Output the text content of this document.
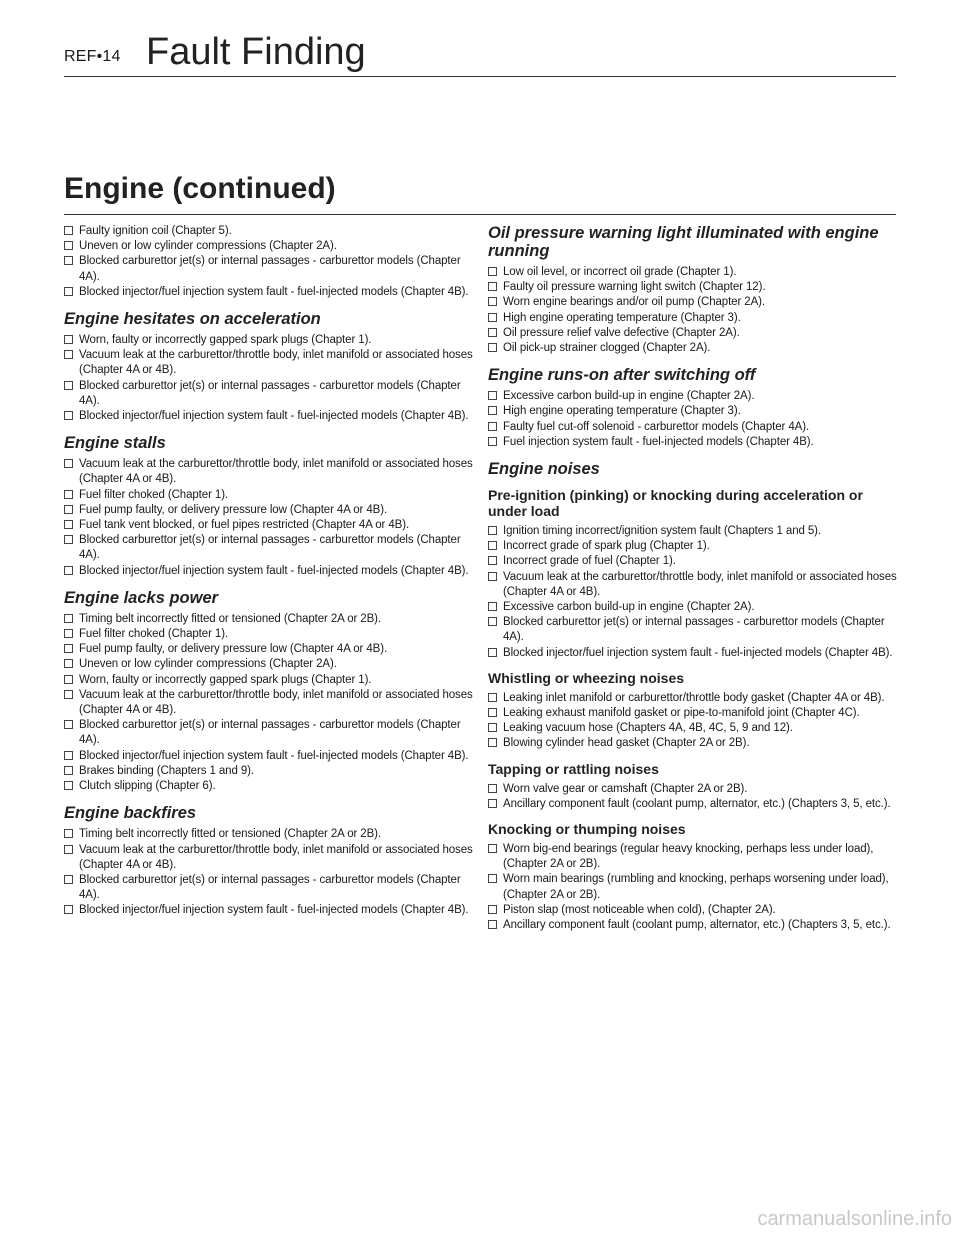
REF•14 Fault Finding
Engine (continued)
Faulty ignition coil (Chapter 5).
Uneven or low cylinder compressions (Chapter 2A).
Blocked carburettor jet(s) or internal passages - carburettor models (Chapter 4A).
Blocked injector/fuel injection system fault - fuel-injected models (Chapter 4B).
Engine hesitates on acceleration
Worn, faulty or incorrectly gapped spark plugs (Chapter 1).
Vacuum leak at the carburettor/throttle body, inlet manifold or associated hoses (Chapter 4A or 4B).
Blocked carburettor jet(s) or internal passages - carburettor models (Chapter 4A).
Blocked injector/fuel injection system fault - fuel-injected models (Chapter 4B).
Engine stalls
Vacuum leak at the carburettor/throttle body, inlet manifold or associated hoses (Chapter 4A or 4B).
Fuel filter choked (Chapter 1).
Fuel pump faulty, or delivery pressure low (Chapter 4A or 4B).
Fuel tank vent blocked, or fuel pipes restricted (Chapter 4A or 4B).
Blocked carburettor jet(s) or internal passages - carburettor models (Chapter 4A).
Blocked injector/fuel injection system fault - fuel-injected models (Chapter 4B).
Engine lacks power
Timing belt incorrectly fitted or tensioned (Chapter 2A or 2B).
Fuel filter choked (Chapter 1).
Fuel pump faulty, or delivery pressure low (Chapter 4A or 4B).
Uneven or low cylinder compressions (Chapter 2A).
Worn, faulty or incorrectly gapped spark plugs (Chapter 1).
Vacuum leak at the carburettor/throttle body, inlet manifold or associated hoses (Chapter 4A or 4B).
Blocked carburettor jet(s) or internal passages - carburettor models (Chapter 4A).
Blocked injector/fuel injection system fault - fuel-injected models (Chapter 4B).
Brakes binding (Chapters 1 and 9).
Clutch slipping (Chapter 6).
Engine backfires
Timing belt incorrectly fitted or tensioned (Chapter 2A or 2B).
Vacuum leak at the carburettor/throttle body, inlet manifold or associated hoses (Chapter 4A or 4B).
Blocked carburettor jet(s) or internal passages - carburettor models (Chapter 4A).
Blocked injector/fuel injection system fault - fuel-injected models (Chapter 4B).
Oil pressure warning light illuminated with engine running
Low oil level, or incorrect oil grade (Chapter 1).
Faulty oil pressure warning light switch (Chapter 12).
Worn engine bearings and/or oil pump (Chapter 2A).
High engine operating temperature (Chapter 3).
Oil pressure relief valve defective (Chapter 2A).
Oil pick-up strainer clogged (Chapter 2A).
Engine runs-on after switching off
Excessive carbon build-up in engine (Chapter 2A).
High engine operating temperature (Chapter 3).
Faulty fuel cut-off solenoid - carburettor models (Chapter 4A).
Fuel injection system fault - fuel-injected models (Chapter 4B).
Engine noises
Pre-ignition (pinking) or knocking during acceleration or under load
Ignition timing incorrect/ignition system fault (Chapters 1 and 5).
Incorrect grade of spark plug (Chapter 1).
Incorrect grade of fuel (Chapter 1).
Vacuum leak at the carburettor/throttle body, inlet manifold or associated hoses (Chapter 4A or 4B).
Excessive carbon build-up in engine (Chapter 2A).
Blocked carburettor jet(s) or internal passages - carburettor models (Chapter 4A).
Blocked injector/fuel injection system fault - fuel-injected models (Chapter 4B).
Whistling or wheezing noises
Leaking inlet manifold or carburettor/throttle body gasket (Chapter 4A or 4B).
Leaking exhaust manifold gasket or pipe-to-manifold joint (Chapter 4C).
Leaking vacuum hose (Chapters 4A, 4B, 4C, 5, 9 and 12).
Blowing cylinder head gasket (Chapter 2A or 2B).
Tapping or rattling noises
Worn valve gear or camshaft (Chapter 2A or 2B).
Ancillary component fault (coolant pump, alternator, etc.) (Chapters 3, 5, etc.).
Knocking or thumping noises
Worn big-end bearings (regular heavy knocking, perhaps less under load), (Chapter 2A or 2B).
Worn main bearings (rumbling and knocking, perhaps worsening under load), (Chapter 2A or 2B).
Piston slap (most noticeable when cold), (Chapter 2A).
Ancillary component fault (coolant pump, alternator, etc.) (Chapters 3, 5, etc.).
carmanualsonline.info
